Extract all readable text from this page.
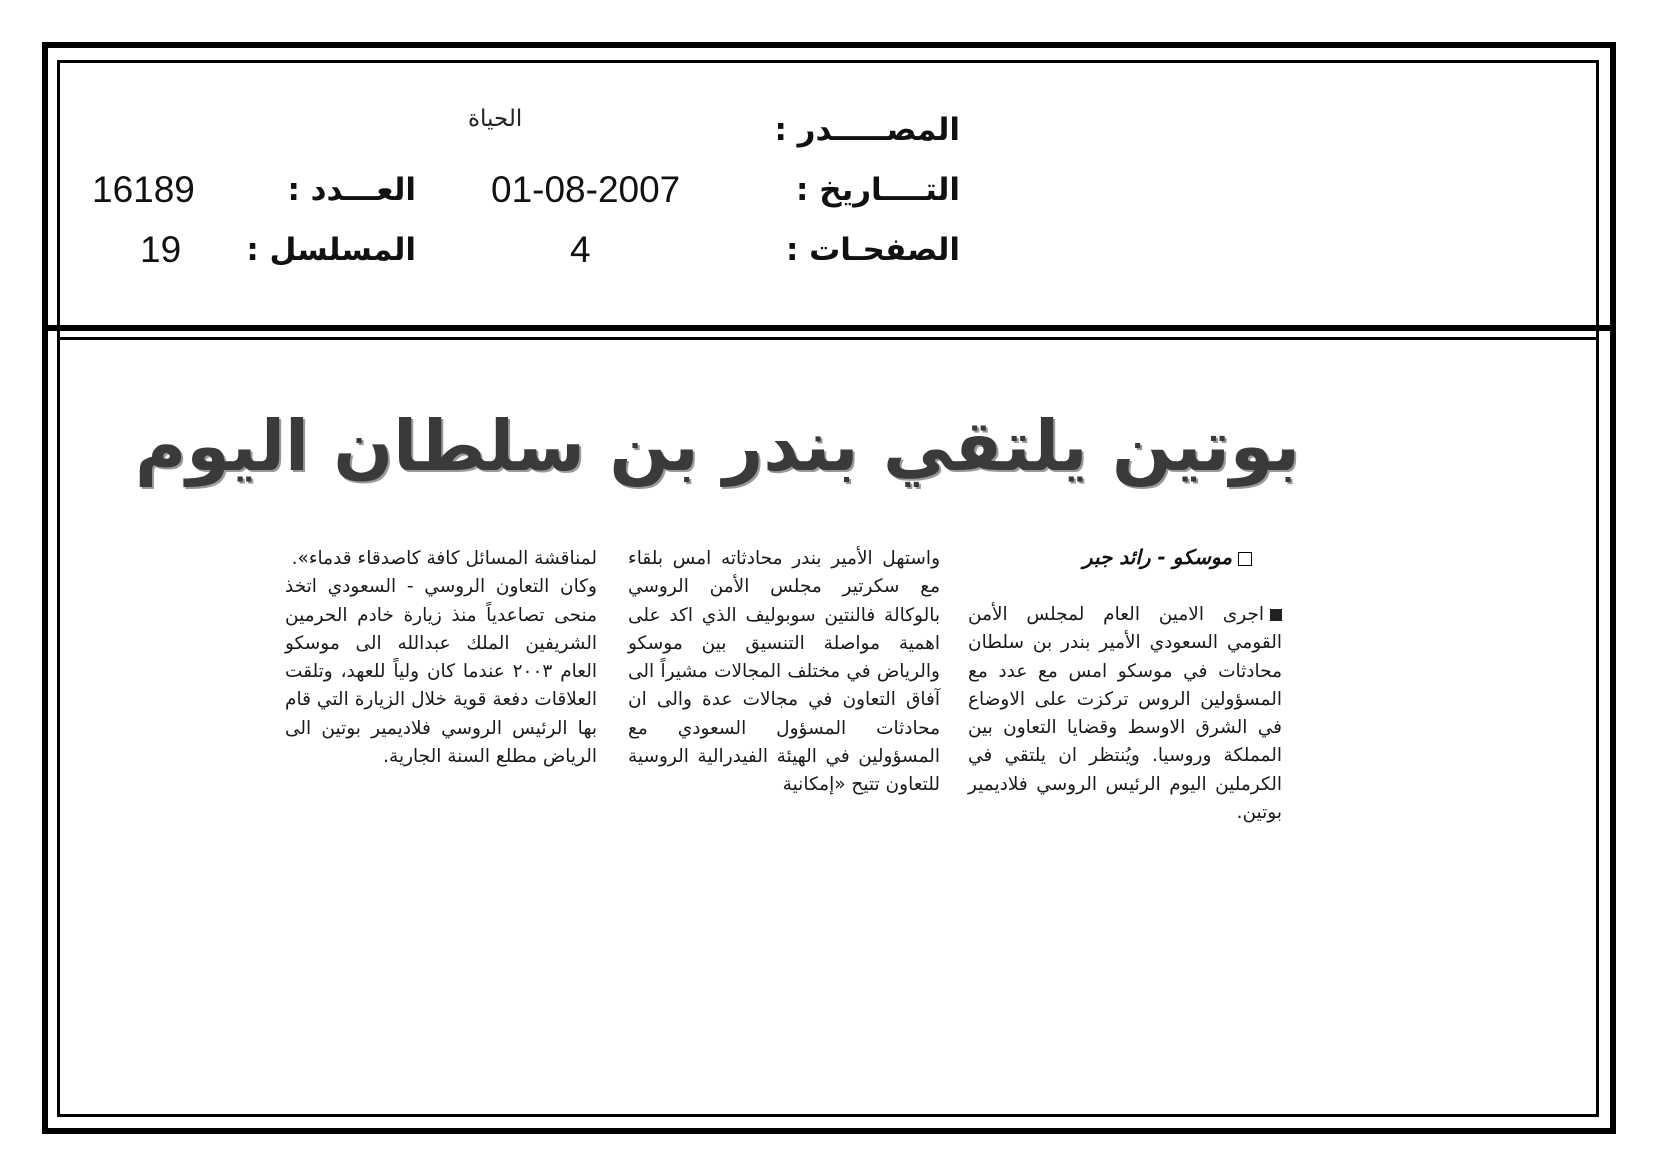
المصـــــدر :
الحياة
التــــاريخ :
01-08-2007
العـــدد :
16189
الصفحـات :
4
المسلسل :
19
بوتين يلتقي بندر بن سلطان اليوم
موسكو - رائد جبر

اجرى الامين العام لمجلس الأمن القومي السعودي الأمير بندر بن سلطان محادثات في موسكو امس مع عدد مع المسؤولين الروس تركزت على الاوضاع في الشرق الاوسط وقضايا التعاون بين المملكة وروسيا. ويُنتظر ان يلتقي في الكرملين اليوم الرئيس الروسي فلاديمير بوتين.

واستهل الأمير بندر محادثاته امس بلقاء مع سكرتير مجلس الأمن الروسي بالوكالة فالنتين سوبوليف الذي اكد على اهمية مواصلة التنسيق بين موسكو والرياض في مختلف المجالات مشيراً الى آفاق التعاون في مجالات عدة والى ان محادثات المسؤول السعودي مع المسؤولين في الهيئة الفيدرالية الروسية للتعاون تتيح «إمكانية

لمناقشة المسائل كافة كاصدقاء قدماء».

وكان التعاون الروسي - السعودي اتخذ منحى تصاعدياً منذ زيارة خادم الحرمين الشريفين الملك عبدالله الى موسكو العام ٢٠٠٣ عندما كان ولياً للعهد، وتلقت العلاقات دفعة قوية خلال الزيارة التي قام بها الرئيس الروسي فلاديمير بوتين الى الرياض مطلع السنة الجارية.
